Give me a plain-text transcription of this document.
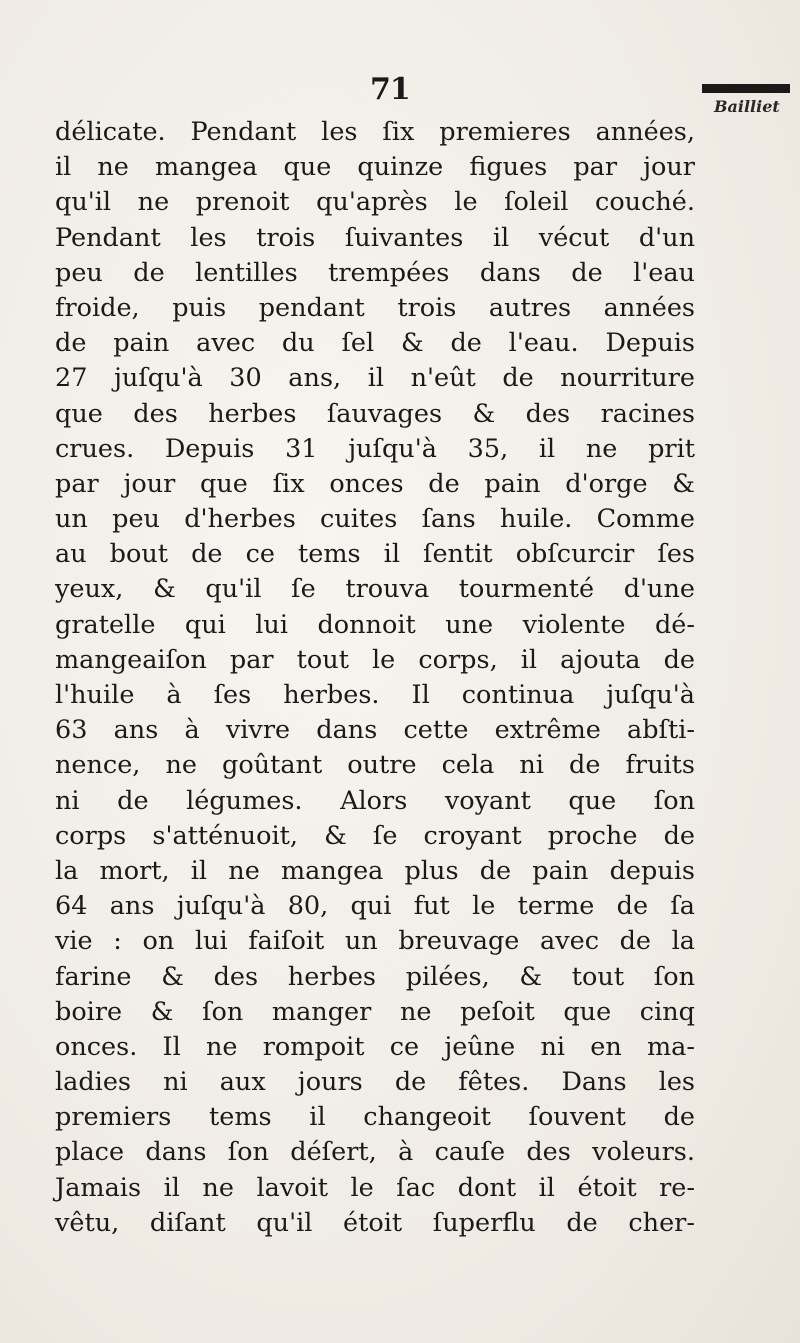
71	Bailliet
délicate. Pendant les ſix premieres années,
il ne mangea que quinze figues par jour
qu'il ne prenoit qu'après le ſoleil couché.
Pendant les trois ſuivantes il vécut d'un
peu de lentilles trempées dans de l'eau
froide, puis pendant trois autres années
de pain avec du ſel & de l'eau. Depuis
27 juſqu'à 30 ans, il n'eût de nourriture
que des herbes ſauvages & des racines
crues. Depuis 31 juſqu'à 35, il ne prit
par jour que ſix onces de pain d'orge &
un peu d'herbes cuites ſans huile. Comme
au bout de ce tems il ſentit obſcurcir ſes
yeux, & qu'il ſe trouva tourmenté d'une
gratelle qui lui donnoit une violente dé-
mangeaiſon par tout le corps, il ajouta de
l'huile à ſes herbes. Il continua juſqu'à
63 ans à vivre dans cette extrême abſti-
nence, ne goûtant outre cela ni de fruits
ni de légumes. Alors voyant que ſon
corps s'atténuoit, & ſe croyant proche de
la mort, il ne mangea plus de pain depuis
64 ans juſqu'à 80, qui fut le terme de ſa
vie : on lui faiſoit un breuvage avec de la
farine & des herbes pilées, & tout ſon
boire & ſon manger ne peſoit que cinq
onces. Il ne rompoit ce jeûne ni en ma-
ladies ni aux jours de fêtes. Dans les
premiers tems il changeoit ſouvent de
place dans ſon déſert, à cauſe des voleurs.
Jamais il ne lavoit le ſac dont il étoit re-
vêtu, diſant qu'il étoit ſuperflu de cher-
